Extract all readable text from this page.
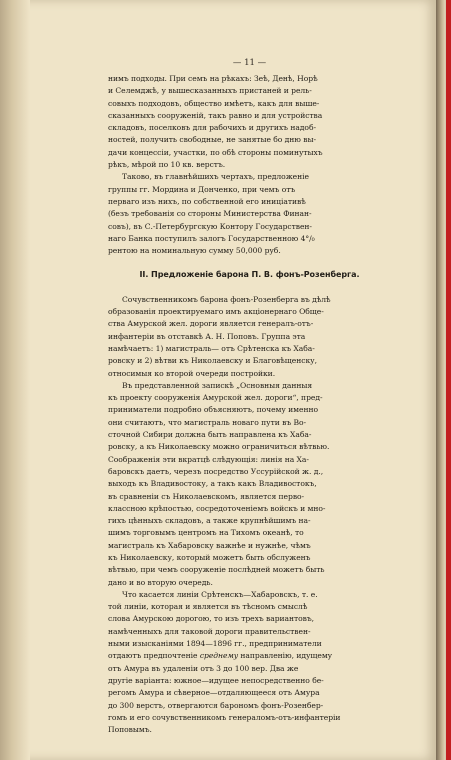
— 11 —
нимъ подходы. При семъ на рѣкахъ: Зеѣ, Денѣ, Норѣ
и Селемджѣ, у вышесказанныхъ пристаней и рель-
совыхъ подходовъ, общество имѣетъ, какъ для выше-
сказанныхъ сооруженій, такъ равно и для устройства
складовъ, поселковъ для рабочихъ и другихъ надоб-
ностей, получить свободные, не занятые бо дню вы-
дачи концессіи, участки, по обѣ стороны поминутыхъ
рѣкъ, мѣрой по 10 кв. верстъ.
Таково, въ главнѣйшихъ чертахъ, предложеніе
группы гг. Мордина и Донченко, при чемъ отъ
перваго изъ нихъ, по собственной его иниціативѣ
(безъ требованія со стороны Министерства Финан-
совъ), въ С.-Петербургскую Контору Государствен-
наго Банка поступилъ залогъ Государственною 4°/₀
рентою на номинальную сумму 50,000 руб.
II. Предложеніе барона П. В. фонъ-Розенберга.
Сочувственникомъ барона фонъ-Розенберга въ дѣлѣ
образованія проектируемаго имъ акціонернаго Обще-
ства Амурской жел. дороги является генералъ-отъ-
инфантеріи въ отставкѣ А. Н. Поповъ. Группа эта
намѣчаетъ: 1) магистраль— отъ Срѣтенска къ Хаба-
ровску и 2) вѣтви къ Николаевску и Благовѣщенску,
относимыя ко второй очереди постройки.
Въ представленной запискѣ „Основныя данныя
къ проекту сооруженія Амурской жел. дороги“, пред-
приниматели подробно объясняютъ, почему именно
они считаютъ, что магистраль новаго пути въ Во-
сточной Сибири должна быть направлена къ Хаба-
ровску, а къ Николаевску можно ограничиться вѣтвью.
Соображенія эти вкратцѣ слѣдующія: линія на Ха-
баровскъ даетъ, черезъ посредство Уссурійской ж. д.,
выходъ къ Владивостоку, а такъ какъ Владивостокъ,
въ сравненіи съ Николаевскомъ, является перво-
классною крѣпостью, сосредоточеніемъ войскъ и мно-
гихъ цѣнныхъ складовъ, а также крупнѣйшимъ на-
шимъ торговымъ центромъ на Тихомъ океанѣ, то
магистраль къ Хабаровску важнѣе и нужнѣе, чѣмъ
къ Николаевску, который можетъ быть обслуженъ
вѣтвью, при чемъ сооруженіе послѣдней можетъ быть
дано и во вторую очередь.
Что касается линіи Срѣтенскъ—Хабаровскъ, т. е.
той линіи, которая и является въ тѣсномъ смыслѣ
слова Амурскою дорогою, то изъ трехъ вариантовъ,
намѣченныхъ для таковой дороги правительствен-
ными изысканіями 1894—1896 гг., предприниматели
отдаютъ предпочтеніе среднему направленію, идущему
отъ Амура въ удаленіи отъ 3 до 100 вер. Два же
другіе варіанта: южное—идущее непосредственно бе-
регомъ Амура и сѣверное—отдаляющееся отъ Амура
до 300 верстъ, отвергаются барономъ фонъ-Розенбер-
гомъ и его сочувственникомъ генераломъ-отъ-инфантеріи
Поповымъ.
